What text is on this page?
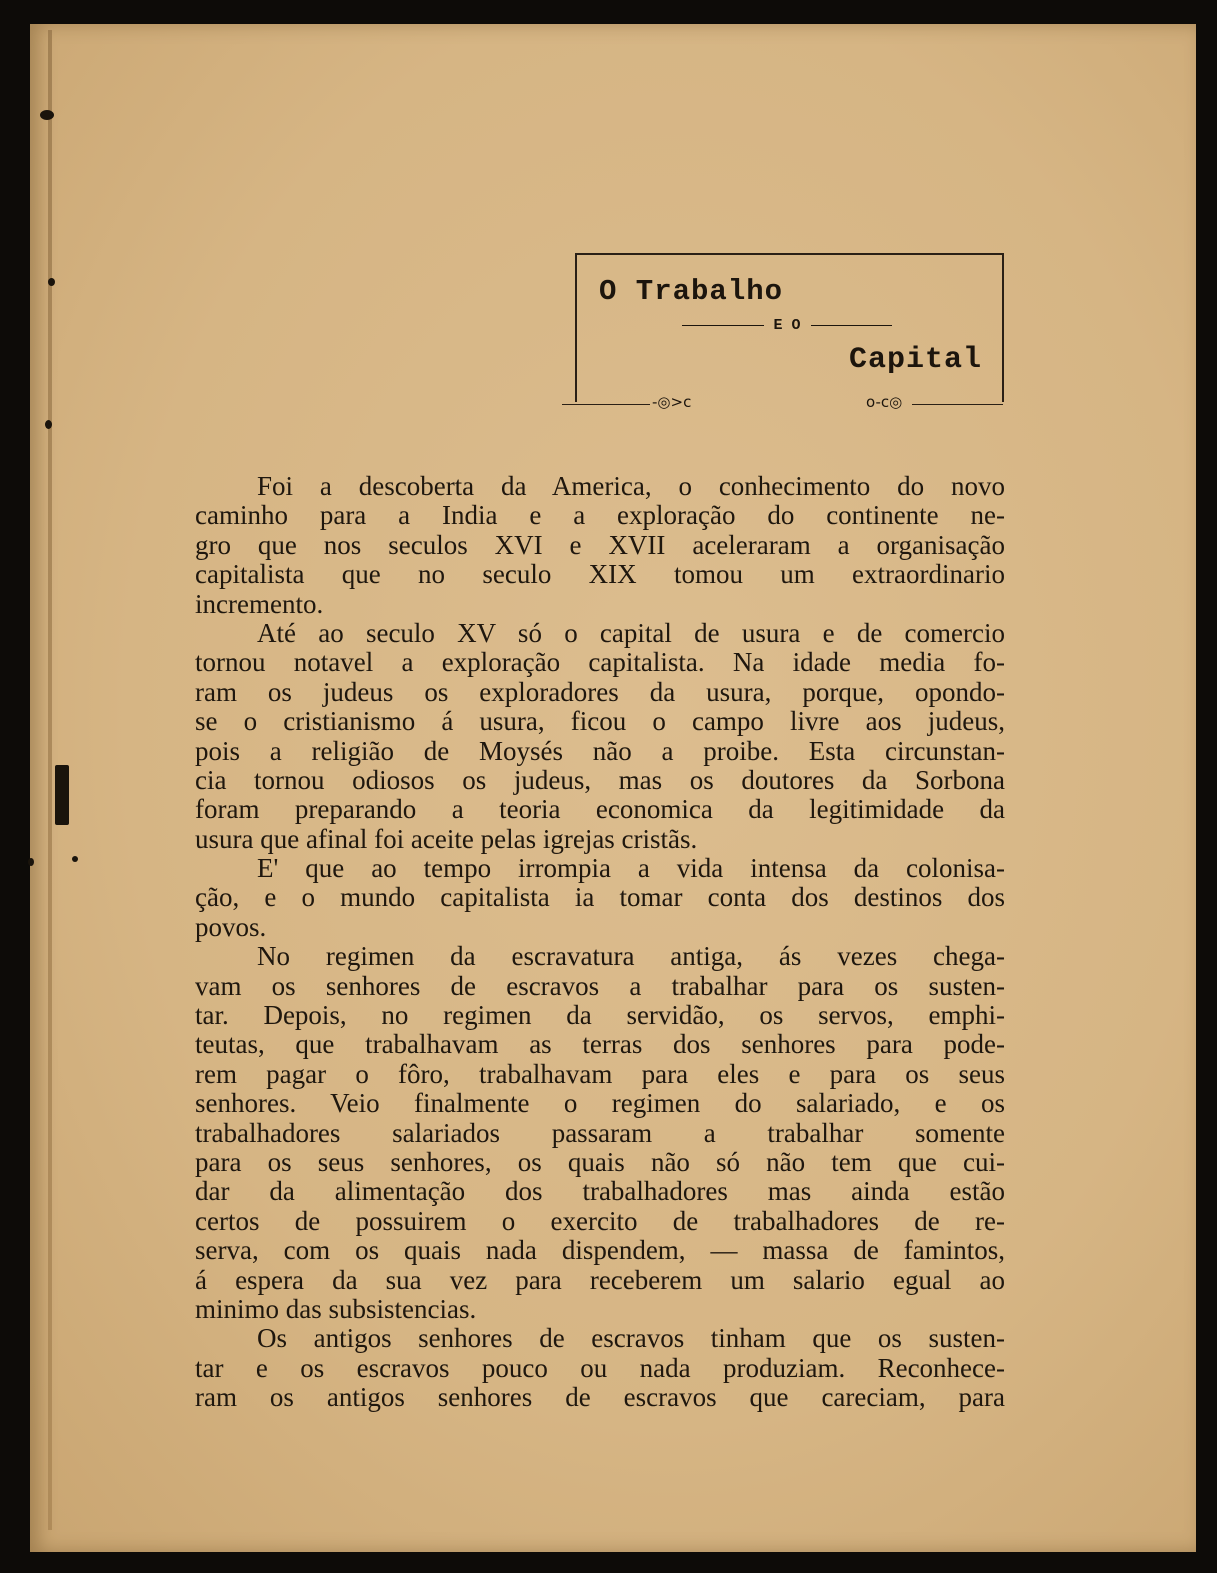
O Trabalho
E O
Capital
-◎>c	o-c◎
Foi a descoberta da America, o conhecimento do novo
caminho para a India e a exploração do continente ne-
gro que nos seculos XVI e XVII aceleraram a organisação
capitalista que no seculo XIX tomou um extraordinario
incremento.
Até ao seculo XV só o capital de usura e de comercio
tornou notavel a exploração capitalista. Na idade media fo-
ram os judeus os exploradores da usura, porque, opondo-
se o cristianismo á usura, ficou o campo livre aos judeus,
pois a religião de Moysés não a proibe. Esta circunstan-
cia tornou odiosos os judeus, mas os doutores da Sorbona
foram preparando a teoria economica da legitimidade da
usura que afinal foi aceite pelas igrejas cristãs.
E' que ao tempo irrompia a vida intensa da colonisa-
ção, e o mundo capitalista ia tomar conta dos destinos dos
povos.
No regimen da escravatura antiga, ás vezes chega-
vam os senhores de escravos a trabalhar para os susten-
tar. Depois, no regimen da servidão, os servos, emphi-
teutas, que trabalhavam as terras dos senhores para pode-
rem pagar o fôro, trabalhavam para eles e para os seus
senhores. Veio finalmente o regimen do salariado, e os
trabalhadores salariados passaram a trabalhar somente
para os seus senhores, os quais não só não tem que cui-
dar da alimentação dos trabalhadores mas ainda estão
certos de possuirem o exercito de trabalhadores de re-
serva, com os quais nada dispendem, — massa de famintos,
á espera da sua vez para receberem um salario egual ao
minimo das subsistencias.
Os antigos senhores de escravos tinham que os susten-
tar e os escravos pouco ou nada produziam. Reconhece-
ram os antigos senhores de escravos que careciam, para
